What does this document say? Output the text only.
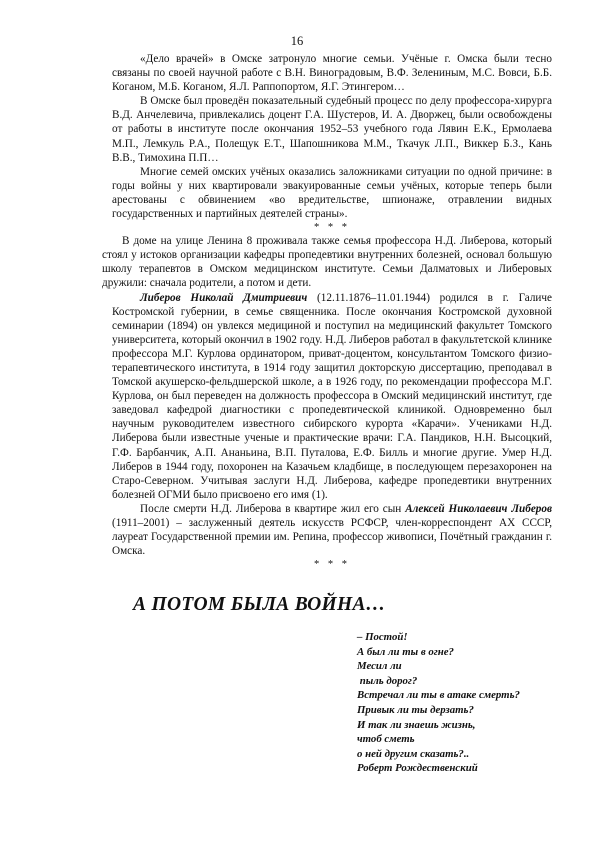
16

«Дело врачей» в Омске затронуло многие семьи. Учёные г. Омска были тесно связаны по своей научной работе с В.Н. Виноградовым, В.Ф. Зелениным, М.С. Вовси, Б.Б. Коганом, М.Б. Коганом, Я.Л. Раппопортом, Я.Г. Этингером…

В Омске был проведён показательный судебный процесс по делу профессора-хирурга В.Д. Анчелевича, привлекались доцент Г.А. Шустеров, И. А. Дворжец, были освобождены от работы в институте после окончания 1952–53 учебного года Лявин Е.К., Ермолаева М.П., Лемкуль Р.А., Полещук Е.Т., Шапошникова М.М., Ткачук Л.П., Виккер Б.З., Кань В.В., Тимохина П.П…

Многие семей омских учёных оказались заложниками ситуации по одной причине: в годы войны у них квартировали эвакуированные семьи учёных, которые теперь были арестованы с обвинением «во вредительстве, шпионаже, отравлении видных государственных и партийных деятелей страны».

* * *

В доме на улице Ленина 8 проживала также семья профессора Н.Д. Либерова, который стоял у истоков организации кафедры пропедевтики внутренних болезней, основал большую школу терапевтов в Омском медицинском институте. Семьи Далматовых и Либеровых дружили: сначала родители, а потом и дети.

Либеров Николай Дмитриевич (12.11.1876–11.01.1944) родился в г. Галиче Костромской губернии, в семье священника. После окончания Костромской духовной семинарии (1894) он увлекся медициной и поступил на медицинский факультет Томского университета, который окончил в 1902 году. Н.Д. Либеров работал в факультетской клинике профессора М.Г. Курлова ординатором, приват-доцентом, консультантом Томского физио-терапевтического института, в 1914 году защитил докторскую диссертацию, преподавал в Томской акушерско-фельдшерской школе, а в 1926 году, по рекомендации профессора М.Г. Курлова, он был переведен на должность профессора в Омский медицинский институт, где заведовал кафедрой диагностики с пропедевтической клиникой. Одновременно был научным руководителем известного сибирского курорта «Карачи». Учениками Н.Д. Либерова были известные ученые и практические врачи: Г.А. Пандиков, Н.Н. Высоцкий, Г.Ф. Барбанчик, А.П. Ананьина, В.П. Путалова, Е.Ф. Билль и многие другие. Умер Н.Д. Либеров в 1944 году, похоронен на Казачьем кладбище, в последующем перезахоронен на Старо-Северном. Учитывая заслуги Н.Д. Либерова, кафедре пропедевтики внутренних болезней ОГМИ было присвоено его имя (1).

После смерти Н.Д. Либерова в квартире жил его сын Алексей Николаевич Либеров (1911–2001) – заслуженный деятель искусств РСФСР, член-корреспондент АХ СССР, лауреат Государственной премии им. Репина, профессор живописи, Почётный гражданин г. Омска.

* * *
А ПОТОМ БЫЛА ВОЙНА…
– Постой!
А был ли ты в огне?
Месил ли
пыль дорог?
Встречал ли ты в атаке смерть?
Привык ли ты дерзать?
И так ли знаешь жизнь,
чтоб сметь
о ней другим сказать?..
Роберт Рождественский
